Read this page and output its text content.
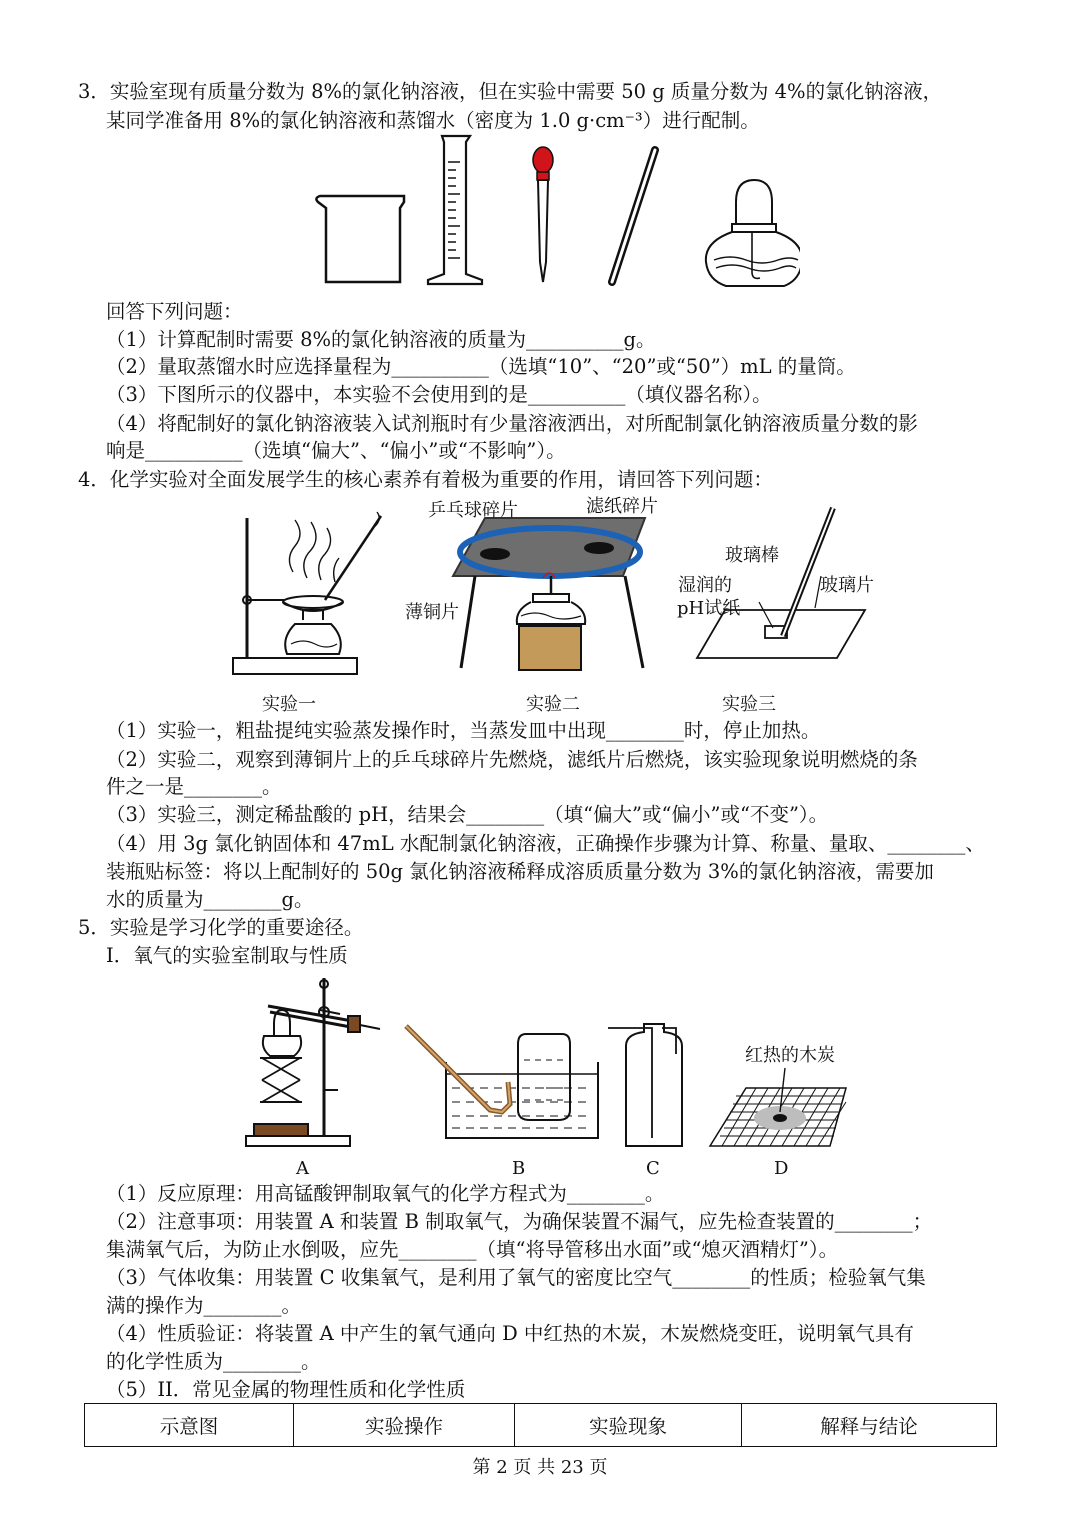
3．实验室现有质量分数为 8%的氯化钠溶液，但在实验中需要 50 g 质量分数为 4%的氯化钠溶液，
某同学准备用 8%的氯化钠溶液和蒸馏水（密度为 1.0 g·cm⁻³）进行配制。
回答下列问题：
（1）计算配制时需要 8%的氯化钠溶液的质量为__________g。
（2）量取蒸馏水时应选择量程为__________（选填“10”、“20”或“50”）mL 的量筒。
（3）下图所示的仪器中，本实验不会使用到的是__________（填仪器名称）。
（4）将配制好的氯化钠溶液装入试剂瓶时有少量溶液洒出，对所配制氯化钠溶液质量分数的影
响是__________（选填“偏大”、“偏小”或“不影响”）。
4．化学实验对全面发展学生的核心素养有着极为重要的作用，请回答下列问题：
乒乓球碎片	滤纸碎片
薄铜片
玻璃棒
湿润的
pH试纸
玻璃片
实验一	实验二	实验三
（1）实验一，粗盐提纯实验蒸发操作时，当蒸发皿中出现________时，停止加热。
（2）实验二，观察到薄铜片上的乒乓球碎片先燃烧，滤纸片后燃烧，该实验现象说明燃烧的条
件之一是________。
（3）实验三，测定稀盐酸的 pH，结果会________（填“偏大”或“偏小”或“不变”）。
（4）用 3g 氯化钠固体和 47mL 水配制氯化钠溶液，正确操作步骤为计算、称量、量取、________、
装瓶贴标签：将以上配制好的 50g 氯化钠溶液稀释成溶质质量分数为 3%的氯化钠溶液，需要加
水的质量为________g。
5．实验是学习化学的重要途径。
I．氧气的实验室制取与性质
A	B	C	D
红热的木炭
（1）反应原理：用高锰酸钾制取氧气的化学方程式为________。
（2）注意事项：用装置 A 和装置 B 制取氧气，为确保装置不漏气，应先检查装置的________；
集满氧气后，为防止水倒吸，应先________（填“将导管移出水面”或“熄灭酒精灯”）。
（3）气体收集：用装置 C 收集氧气，是利用了氧气的密度比空气________的性质；检验氧气集
满的操作为________。
（4）性质验证：将装置 A 中产生的氧气通向 D 中红热的木炭，木炭燃烧变旺，说明氧气具有
的化学性质为________。
（5）II．常见金属的物理性质和化学性质
示意图	实验操作	实验现象	解释与结论
第 2 页 共 23 页
